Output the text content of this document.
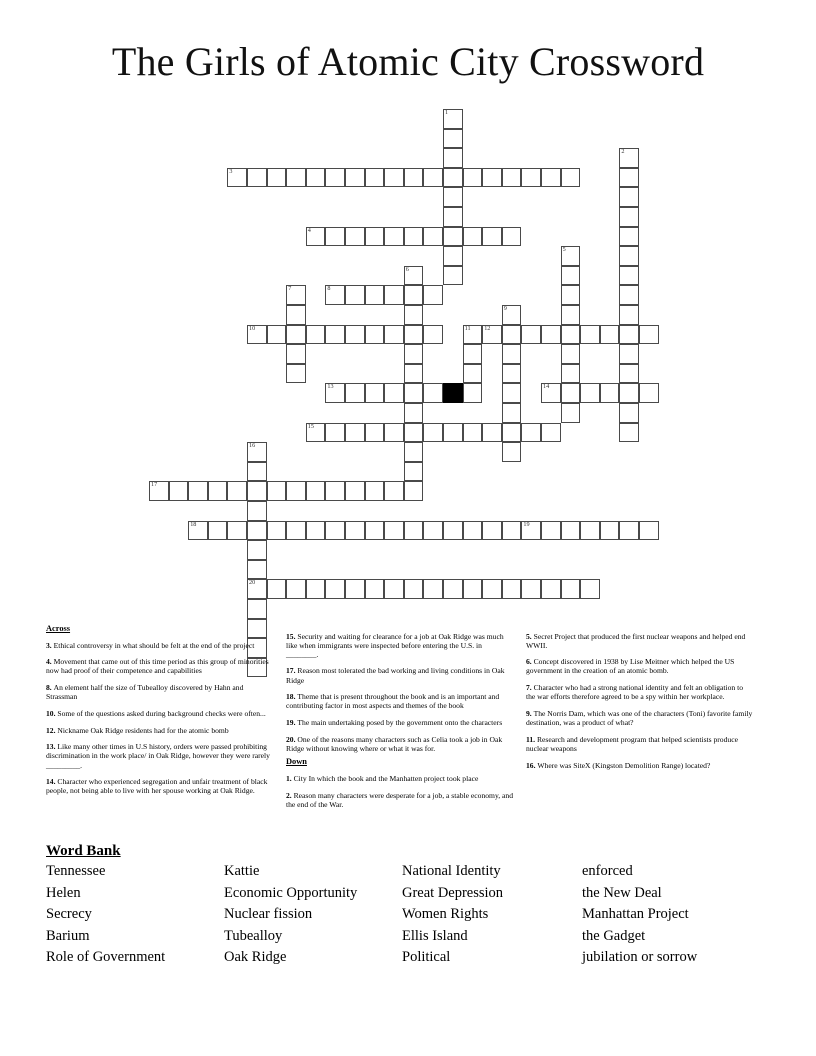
The Girls of Atomic City Crossword
1
9
11 12
10
14
13
15
16
17
2
19
18
20
3
4
5
6
7	8
Across

3. Ethical controversy in what should be felt at the end of the project

4. Movement that came out of this time period as this group of minorities now had proof of their competence and capabilities

8. An element half the size of Tubealloy discovered by Hahn and Strassman

10. Some of the questions asked during background checks were often...

12. Nickname Oak Ridge residents had for the atomic bomb

13. Like many other times in U.S history, orders were passed prohibiting discrimination in the work place/ in Oak Ridge, however they were rarely _________.

14. Character who experienced segregation and unfair treatment of black people, not being able to live with her spouse working at Oak Ridge.

15. Security and waiting for clearance for a job at Oak Ridge was much like when immigrants were inspected before entering the U.S. in ________.

17. Reason most tolerated the bad working and living conditions in Oak Ridge

18. Theme that is present throughout the book and is an important and contributing factor in most aspects and themes of the book

19. The main undertaking posed by the government onto the characters

20. One of the reasons many characters such as Celia took a job in Oak Ridge without knowing where or what it was for.

Down

1. City In which the book and the Manhatten project took place

2. Reason many characters were desperate for a job, a stable economy, and the end of the War.

5. Secret Project that produced the first nuclear weapons and helped end WWII.

6. Concept discovered in 1938 by Lise Meitner which helped the US government in the creation of an atomic bomb.

7. Character who had a strong national identity and felt an obligation to the war efforts therefore agreed to be a spy within her workplace.

9. The Norris Dam, which was one of the characters (Toni) favorite family destination, was a product of what?

11. Research and development program that helped scientists produce nuclear weapons

16. Where was SiteX (Kingston Demolition Range) located?

Word Bank
Tennessee	Kattie	National Identity	enforced
Helen	Economic Opportunity	Great Depression	the New Deal
Secrecy	Nuclear fission	Women Rights	Manhattan Project
Barium	Tubealloy	Ellis Island	the Gadget
Role of Government	Oak Ridge	Political	jubilation or sorrow
